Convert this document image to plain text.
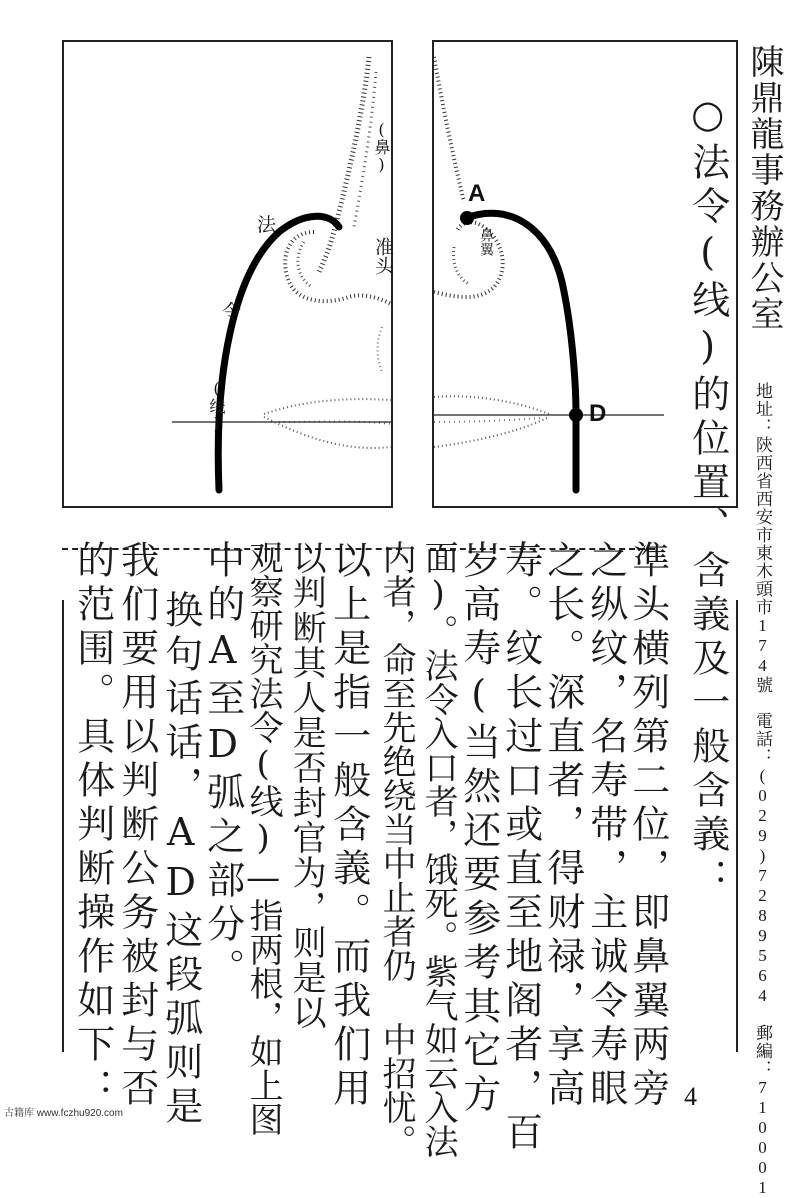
法
令
(线)
(鼻)
准头
A
D
鼻翼	陳鼎龍事務辦公室
地址：陝西省西安市東木頭市174號　電話：(029)7289564　郵編：710001
○法令(线)的位置、含義及一般含義：
準头横列第二位，即鼻翼两旁
之纵纹，名寿带，主诚令寿眼
之长。深直者，得财禄，享高
寿。纹长过口或直至地阁者，百
岁高寿(当然还要参考其它方
面)。法令入口者，饿死。紫气如云入法
内者，命至先绝绕当中止者仍 中招忧。
以上是指一般含義。而我们用
以判断其人是否封官为，则是以
观察研究法令(线)—指两根，如上图
中的A至D弧之部分。
换句话话，AD这段弧则是
我们要用以判断公务被封与否
的范围。具体判断操作如下：	4
古籍库 www.fczhu920.com
